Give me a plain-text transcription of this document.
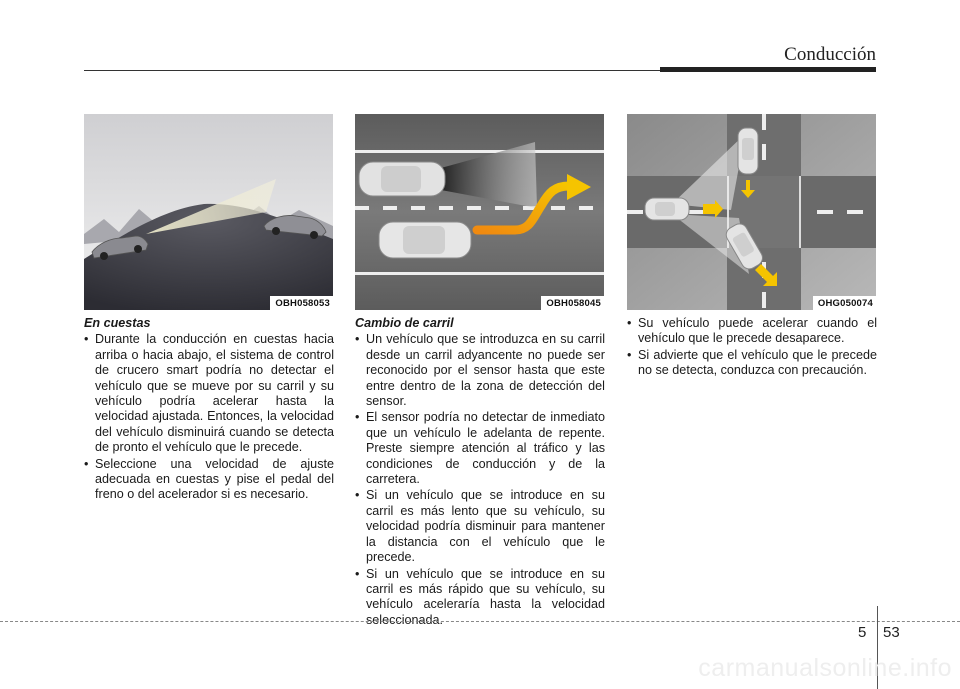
Conducción
OBH058053	OBH058045	OHG050074
En cuestas
• Durante la conducción en cuestas hacia arriba o hacia abajo, el sistema de control de crucero smart podría no detectar el vehículo que se mueve por su carril y su vehículo podría acelerar hasta la velocidad ajustada. Entonces, la velocidad del vehículo disminuirá cuando se detecta de pronto el vehículo que le precede.
• Seleccione una velocidad de ajuste adecuada en cuestas y pise el pedal del freno o del acelerador si es necesario.
Cambio de carril
• Un vehículo que se introduzca en su carril desde un carril adyancente no puede ser reconocido por el sensor hasta que este entre dentro de la zona de detección del sensor.
• El sensor podría no detectar de inmediato que un vehículo le adelanta de repente. Preste siempre atención al tráfico y las condiciones de conducción y de la carretera.
• Si un vehículo que se introduce en su carril es más lento que su vehículo, su velocidad podría disminuir para mantener la distancia con el vehículo que le precede.
• Si un vehículo que se introduce en su carril es más rápido que su vehículo, su vehículo aceleraría hasta la velocidad seleccionada.
• Su vehículo puede acelerar cuando el vehículo que le precede desaparece.
• Si advierte que el vehículo que le precede no se detecta, conduzca con precaución.
5 53
carmanualsonline.info
